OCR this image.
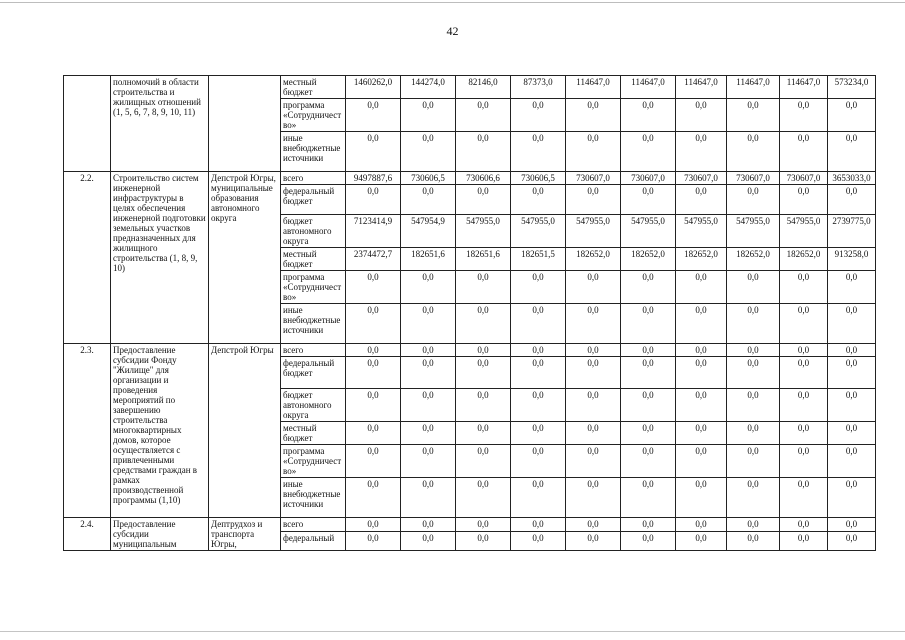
42
	полномочий в области строительства и жилищных отношений (1, 5, 6, 7, 8, 9, 10, 11)		местный бюджет	1460262,0	144274,0	82146,0	87373,0	114647,0	114647,0	114647,0	114647,0	114647,0	573234,0
			программа «Сотрудничество»	0,0	0,0	0,0	0,0	0,0	0,0	0,0	0,0	0,0	0,0
			иные внебюджетные источники	0,0	0,0	0,0	0,0	0,0	0,0	0,0	0,0	0,0	0,0
2.2.	Строительство систем инженерной инфраструктуры в целях обеспечения инженерной подготовки земельных участков предназначенных для жилищного строительства (1, 8, 9, 10)	Депстрой Югры, муниципальные образования автономного округа	всего	9497887,6	730606,5	730606,6	730606,5	730607,0	730607,0	730607,0	730607,0	730607,0	3653033,0
			федеральный бюджет	0,0	0,0	0,0	0,0	0,0	0,0	0,0	0,0	0,0	0,0
			бюджет автономного округа	7123414,9	547954,9	547955,0	547955,0	547955,0	547955,0	547955,0	547955,0	547955,0	2739775,0
			местный бюджет	2374472,7	182651,6	182651,6	182651,5	182652,0	182652,0	182652,0	182652,0	182652,0	913258,0
			программа «Сотрудничество»	0,0	0,0	0,0	0,0	0,0	0,0	0,0	0,0	0,0	0,0
			иные внебюджетные источники	0,0	0,0	0,0	0,0	0,0	0,0	0,0	0,0	0,0	0,0
2.3.	Предоставление субсидии Фонду "Жилище" для организации и проведения мероприятий по завершению строительства многоквартирных домов, которое осуществляется с привлеченными средствами граждан в рамках производственной программы (1,10)	Депстрой Югры	всего	0,0	0,0	0,0	0,0	0,0	0,0	0,0	0,0	0,0	0,0
			федеральный бюджет	0,0	0,0	0,0	0,0	0,0	0,0	0,0	0,0	0,0	0,0
			бюджет автономного округа	0,0	0,0	0,0	0,0	0,0	0,0	0,0	0,0	0,0	0,0
			местный бюджет	0,0	0,0	0,0	0,0	0,0	0,0	0,0	0,0	0,0	0,0
			программа «Сотрудничество»	0,0	0,0	0,0	0,0	0,0	0,0	0,0	0,0	0,0	0,0
			иные внебюджетные источники	0,0	0,0	0,0	0,0	0,0	0,0	0,0	0,0	0,0	0,0
2.4.	Предоставление субсидии муниципальным	Дептрудхоз и транспорта Югры,	всего	0,0	0,0	0,0	0,0	0,0	0,0	0,0	0,0	0,0	0,0
			федеральный	0,0	0,0	0,0	0,0	0,0	0,0	0,0	0,0	0,0	0,0
